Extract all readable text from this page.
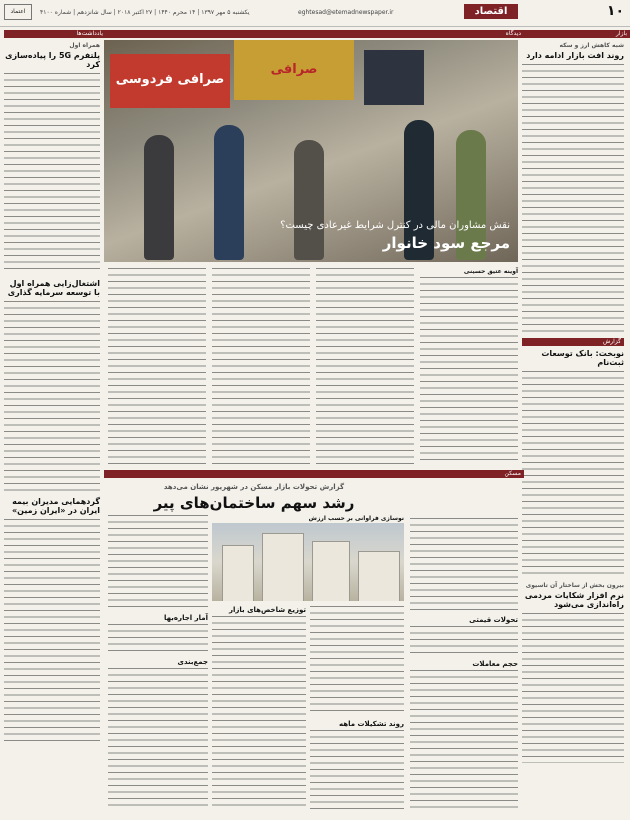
۱۰
اقتصاد
eghtesad@etemadnewspaper.ir
یکشنبه ۵ مهر ۱۳۹۷ | ۱۴ محرم ۱۴۴۰ | ۲۷ اکتبر ۲۰۱۸ | سال شانزدهم | شماره ۴۱۰۰
اعتماد
بازار
دیدگاه
یادداشت‌ها
شبه کاهش ارز و سکه
روند افت بازار ادامه دارد
گزارش
نوبخت: بانک توسعات ثبت‌نام
بیرون بخش از ساختار آن تاسیوی
نرم‌ افزار شکایات مردمی راه‌اندازی می‌شود
همراه اول
پلتفرم 5G را پیاده‌سازی کرد
اشتغال‌زایی همراه اول با توسعه سرمایه گذاری
گردهمایی مدیران بیمه ایران در «ایران زمین»
صرافی فردوسی
صرافی
نقش مشاوران مالی در کنترل شرایط غیرعادی چیست؟
مرجع سود خانوار
آوینه عتیق حسینی
مسکن
گزارش تحولات بازار مسکن در شهریور نشان می‌دهد
رشد سهم ساختمان‌های پیر
تحولات قیمتی
حجم معاملات
نوسازی فراوانی بر حسب ارزش
آمار اجاره‌بها
توزیع شاخص‌های بازار
روند تشکیلات ماهه
جمع‌بندی
